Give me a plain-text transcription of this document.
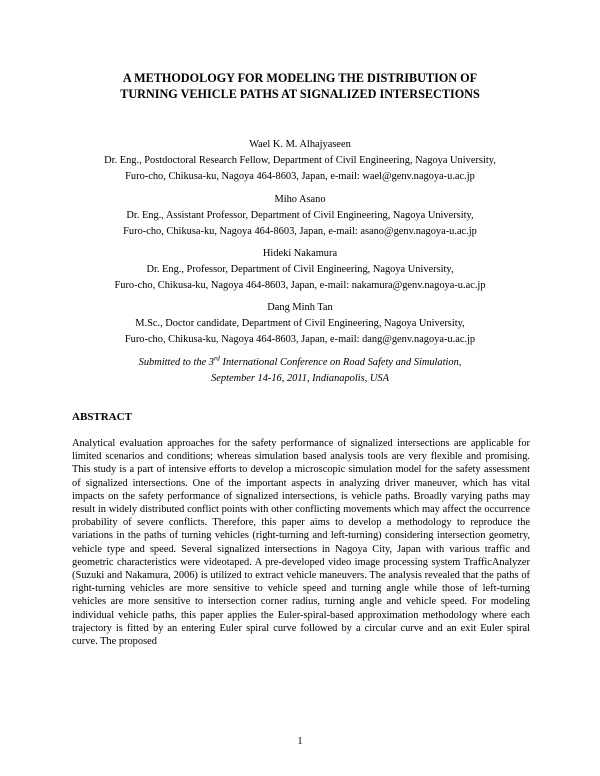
A METHODOLOGY FOR MODELING THE DISTRIBUTION OF
TURNING VEHICLE PATHS AT SIGNALIZED INTERSECTIONS
Wael K. M. Alhajyaseen
Dr. Eng., Postdoctoral Research Fellow, Department of Civil Engineering, Nagoya University,
Furo-cho, Chikusa-ku, Nagoya 464-8603, Japan, e-mail: wael@genv.nagoya-u.ac.jp
Miho Asano
Dr. Eng., Assistant Professor, Department of Civil Engineering, Nagoya University,
Furo-cho, Chikusa-ku, Nagoya 464-8603, Japan, e-mail: asano@genv.nagoya-u.ac.jp
Hideki Nakamura
Dr. Eng., Professor, Department of Civil Engineering, Nagoya University,
Furo-cho, Chikusa-ku, Nagoya 464-8603, Japan, e-mail: nakamura@genv.nagoya-u.ac.jp
Dang Minh Tan
M.Sc., Doctor candidate, Department of Civil Engineering, Nagoya University,
Furo-cho, Chikusa-ku, Nagoya 464-8603, Japan, e-mail: dang@genv.nagoya-u.ac.jp
Submitted to the 3rd International Conference on Road Safety and Simulation,
September 14-16, 2011, Indianapolis, USA
ABSTRACT
Analytical evaluation approaches for the safety performance of signalized intersections are applicable for limited scenarios and conditions; whereas simulation based analysis tools are very flexible and promising. This study is a part of intensive efforts to develop a microscopic simulation model for the safety assessment of signalized intersections. One of the important aspects in analyzing driver maneuver, which has vital impacts on the safety performance of signalized intersections, is vehicle paths. Broadly varying paths may result in widely distributed conflict points with other conflicting movements which may affect the occurrence probability of severe conflicts. Therefore, this paper aims to develop a methodology to reproduce the variations in the paths of turning vehicles (right-turning and left-turning) considering intersection geometry, vehicle type and speed. Several signalized intersections in Nagoya City, Japan with various traffic and geometric characteristics were videotaped. A pre-developed video image processing system TrafficAnalyzer (Suzuki and Nakamura, 2006) is utilized to extract vehicle maneuvers. The analysis revealed that the paths of right-turning vehicles are more sensitive to vehicle speed and turning angle while those of left-turning vehicles are more sensitive to intersection corner radius, turning angle and vehicle speed. For modeling individual vehicle paths, this paper applies the Euler-spiral-based approximation methodology where each trajectory is fitted by an entering Euler spiral curve followed by a circular curve and an exit Euler spiral curve. The proposed
1
